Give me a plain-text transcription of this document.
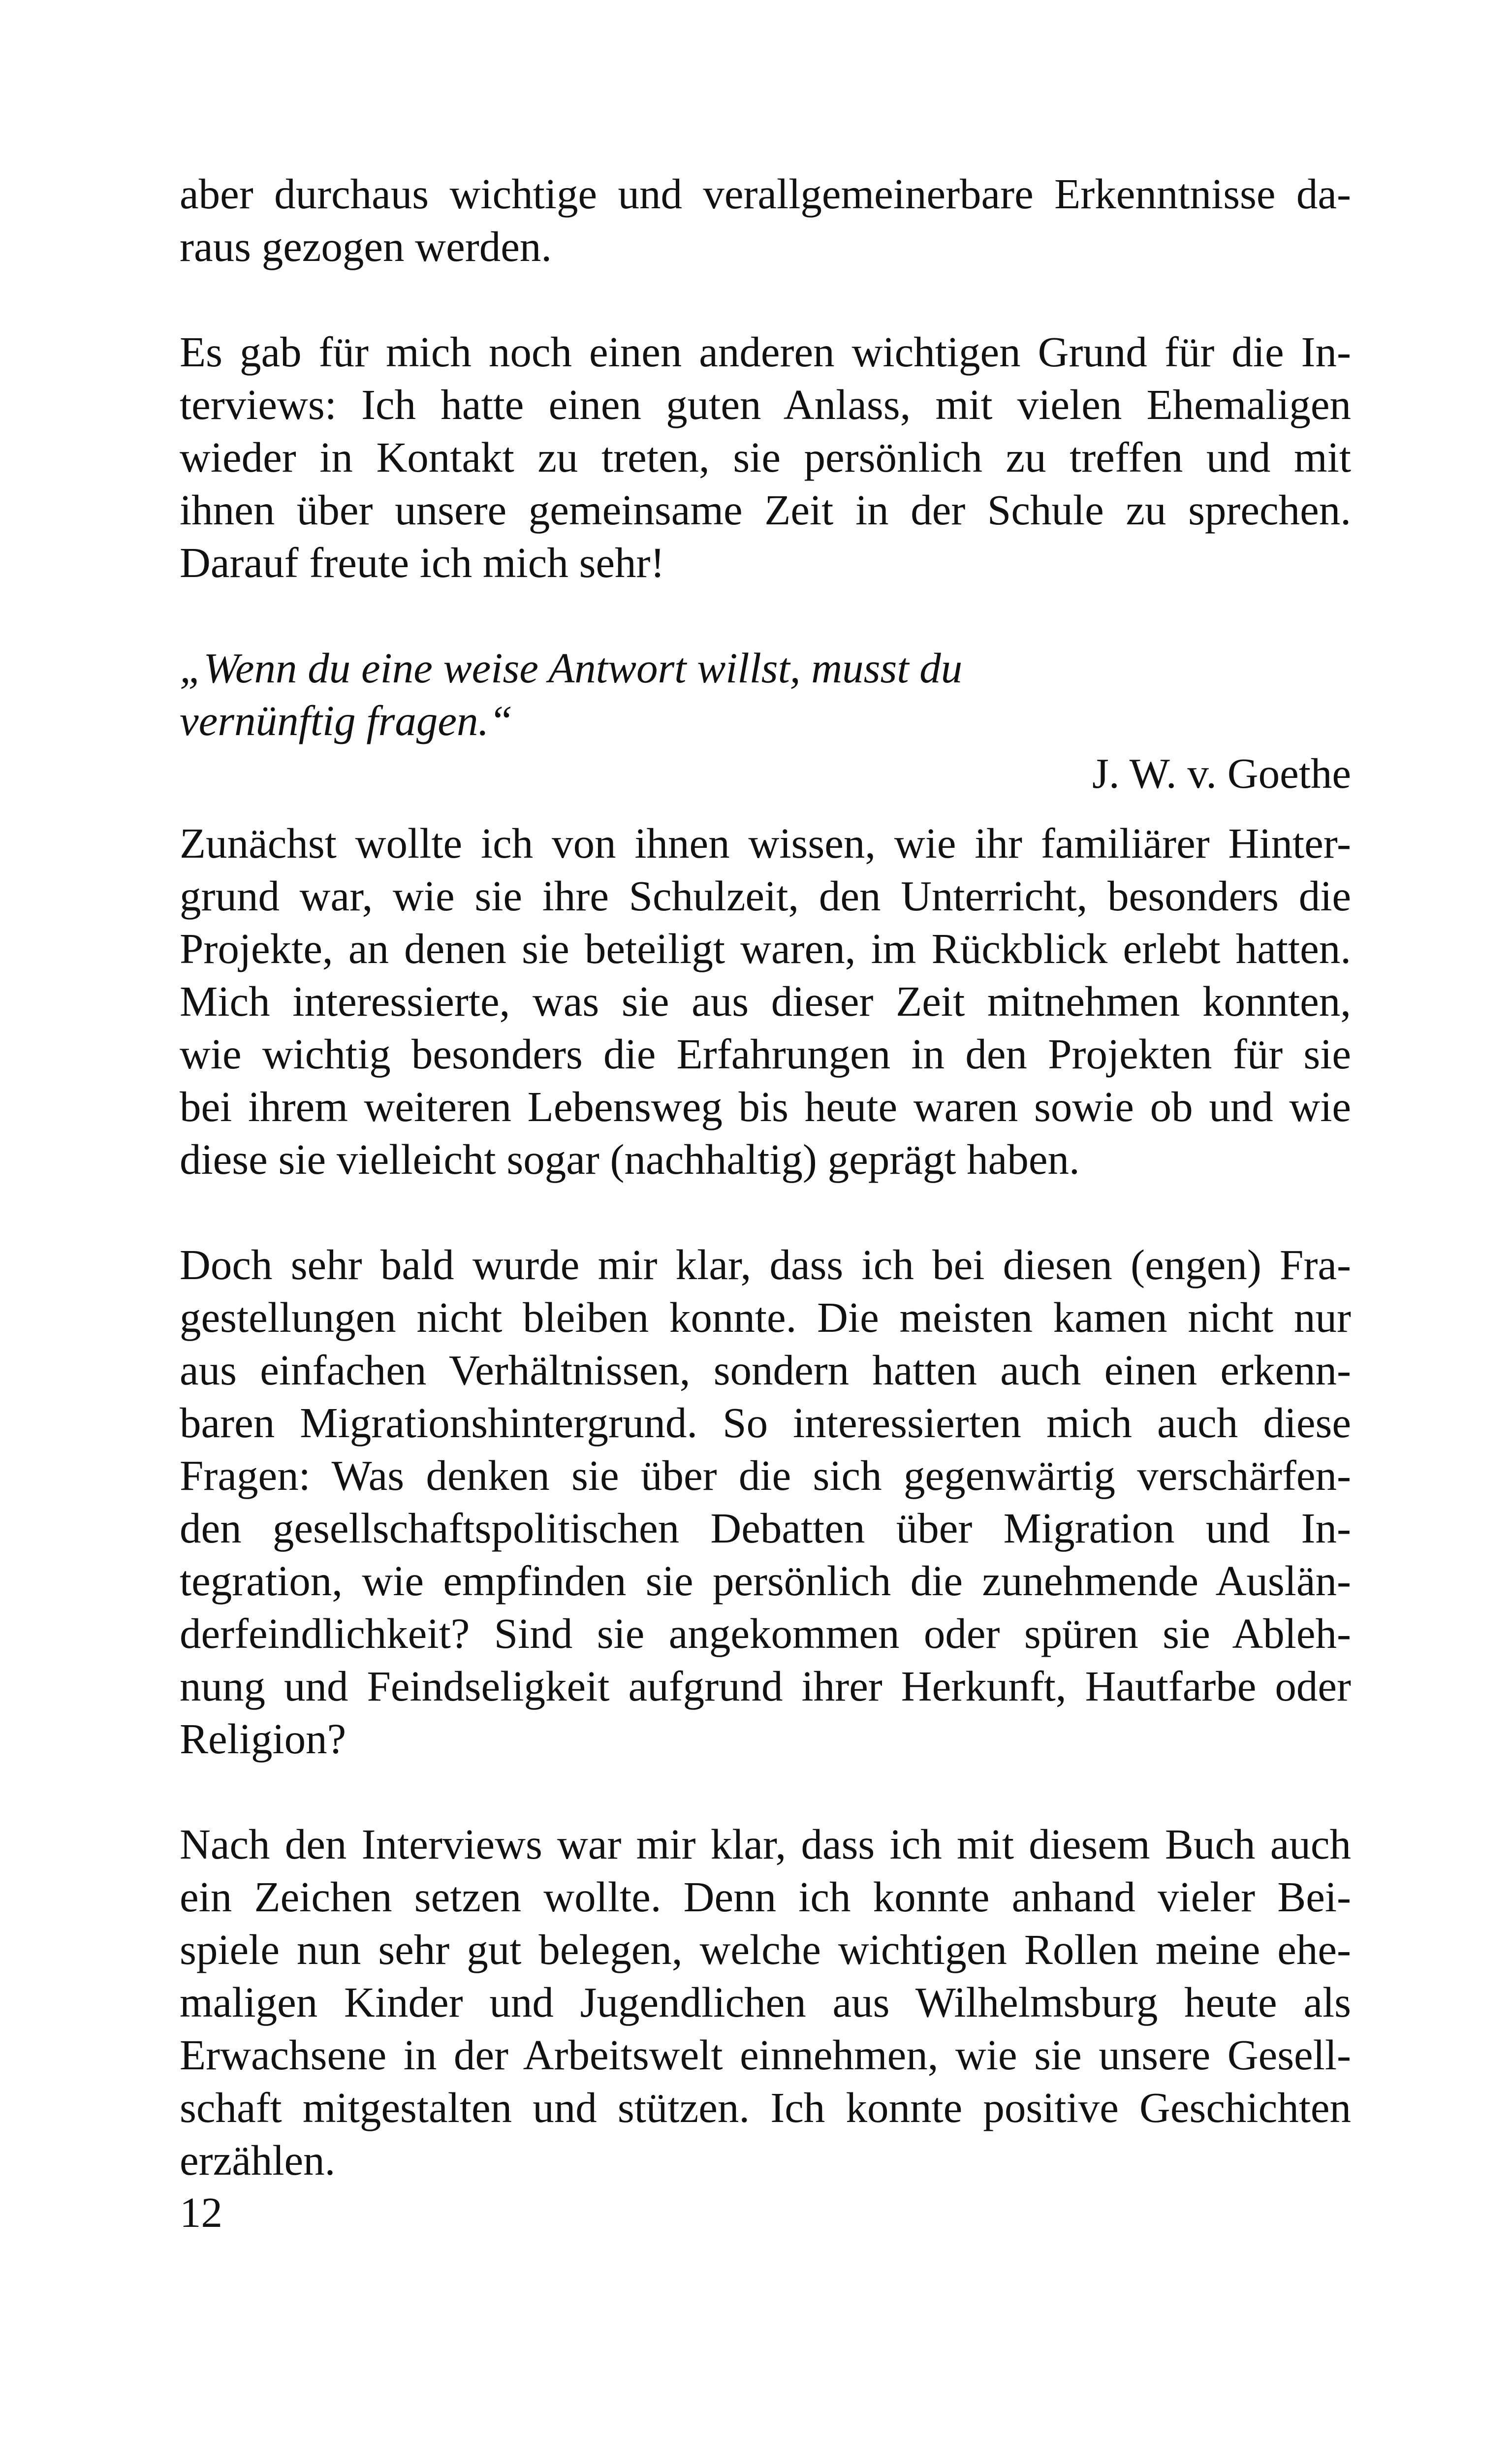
aber durchaus wichtige und verallgemeinerbare Erkenntnisse da-
raus gezogen werden.

Es gab für mich noch einen anderen wichtigen Grund für die In-
terviews: Ich hatte einen guten Anlass, mit vielen Ehemaligen
wieder in Kontakt zu treten, sie persönlich zu treffen und mit
ihnen über unsere gemeinsame Zeit in der Schule zu sprechen.
Darauf freute ich mich sehr!

„Wenn du eine weise Antwort willst, musst du
vernünftig fragen.“

J. W. v. Goethe

Zunächst wollte ich von ihnen wissen, wie ihr familiärer Hinter-
grund war, wie sie ihre Schulzeit, den Unterricht, besonders die
Projekte, an denen sie beteiligt waren, im Rückblick erlebt hatten.
Mich interessierte, was sie aus dieser Zeit mitnehmen konnten,
wie wichtig besonders die Erfahrungen in den Projekten für sie
bei ihrem weiteren Lebensweg bis heute waren sowie ob und wie
diese sie vielleicht sogar (nachhaltig) geprägt haben.

Doch sehr bald wurde mir klar, dass ich bei diesen (engen) Fra-
gestellungen nicht bleiben konnte. Die meisten kamen nicht nur
aus einfachen Verhältnissen, sondern hatten auch einen erkenn-
baren Migrationshintergrund. So interessierten mich auch diese
Fragen: Was denken sie über die sich gegenwärtig verschärfen-
den gesellschaftspolitischen Debatten über Migration und In-
tegration, wie empfinden sie persönlich die zunehmende Auslän-
derfeindlichkeit? Sind sie angekommen oder spüren sie Ableh-
nung und Feindseligkeit aufgrund ihrer Herkunft, Hautfarbe oder
Religion?

Nach den Interviews war mir klar, dass ich mit diesem Buch auch
ein Zeichen setzen wollte. Denn ich konnte anhand vieler Bei-
spiele nun sehr gut belegen, welche wichtigen Rollen meine ehe-
maligen Kinder und Jugendlichen aus Wilhelmsburg heute als
Erwachsene in der Arbeitswelt einnehmen, wie sie unsere Gesell-
schaft mitgestalten und stützen. Ich konnte positive Geschichten
erzählen.

12
